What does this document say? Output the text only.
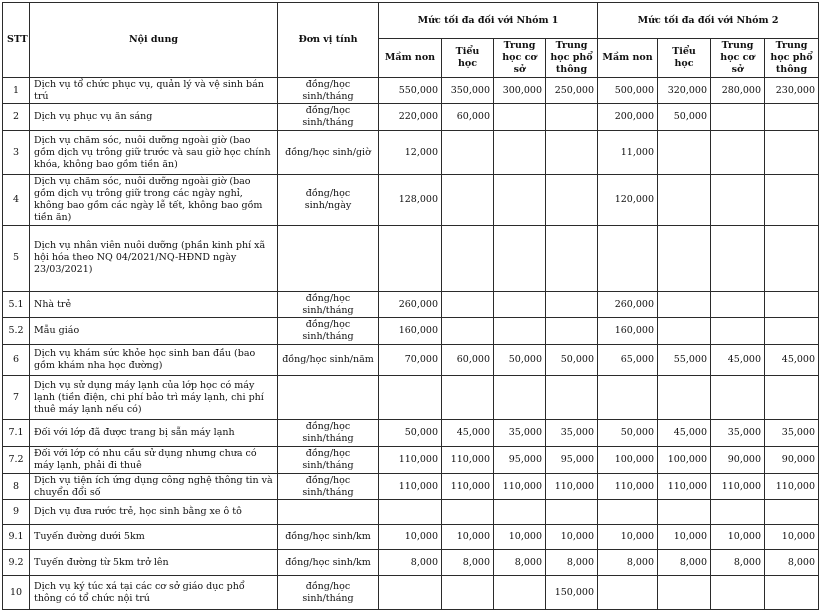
STT	Nội dung	Đơn vị tính	Mức tối đa đối với Nhóm 1				Mức tối đa đối với Nhóm 2			
			Mầm non	Tiểu học	Trung học cơ sở	Trung học phổ thông	Mầm non	Tiểu học	Trung học cơ sở	Trung học phổ thông
1	Dịch vụ tổ chức phục vụ, quản lý và vệ sinh bán trú	đồng/học sinh/tháng	550,000	350,000	300,000	250,000	500,000	320,000	280,000	230,000
2	Dịch vụ phục vụ ăn sáng	đồng/học sinh/tháng	220,000	60,000			200,000	50,000		
3	Dịch vụ chăm sóc, nuôi dưỡng ngoài giờ (bao gồm dịch vụ trông giữ trước và sau giờ học chính khóa, không bao gồm tiền ăn)	đồng/học sinh/giờ	12,000				11,000			
4	Dịch vụ chăm sóc, nuôi dưỡng ngoài giờ (bao gồm dịch vụ trông giữ trong các ngày nghỉ, không bao gồm các ngày lễ tết, không bao gồm tiền ăn)	đồng/học sinh/ngày	128,000				120,000			
5	Dịch vụ nhân viên nuôi dưỡng (phần kinh phí xã hội hóa theo NQ 04/2021/NQ-HĐND ngày 23/03/2021)									
5.1	Nhà trẻ	đồng/học sinh/tháng	260,000				260,000			
5.2	Mẫu giáo	đồng/học sinh/tháng	160,000				160,000			
6	Dịch vụ khám sức khỏe học sinh ban đầu (bao gồm khám nha học đường)	đồng/học sinh/năm	70,000	60,000	50,000	50,000	65,000	55,000	45,000	45,000
7	Dịch vụ sử dụng máy lạnh của lớp học có máy lạnh (tiền điện, chi phí bảo trì máy lạnh, chi phí thuê máy lạnh nếu có)									
7.1	Đối với lớp đã được trang bị sẵn máy lạnh	đồng/học sinh/tháng	50,000	45,000	35,000	35,000	50,000	45,000	35,000	35,000
7.2	Đối với lớp có nhu cầu sử dụng nhưng chưa có máy lạnh, phải đi thuê	đồng/học sinh/tháng	110,000	110,000	95,000	95,000	100,000	100,000	90,000	90,000
8	Dịch vụ tiện ích ứng dụng công nghệ thông tin và chuyển đổi số	đồng/học sinh/tháng	110,000	110,000	110,000	110,000	110,000	110,000	110,000	110,000
9	Dịch vụ đưa rước trẻ, học sinh bằng xe ô tô									
9.1	Tuyến đường dưới 5km	đồng/học sinh/km	10,000	10,000	10,000	10,000	10,000	10,000	10,000	10,000
9.2	Tuyến đường từ 5km trở lên	đồng/học sinh/km	8,000	8,000	8,000	8,000	8,000	8,000	8,000	8,000
10	Dịch vụ ký túc xá tại các cơ sở giáo dục phổ thông có tổ chức nội trú	đồng/học sinh/tháng				150,000				
